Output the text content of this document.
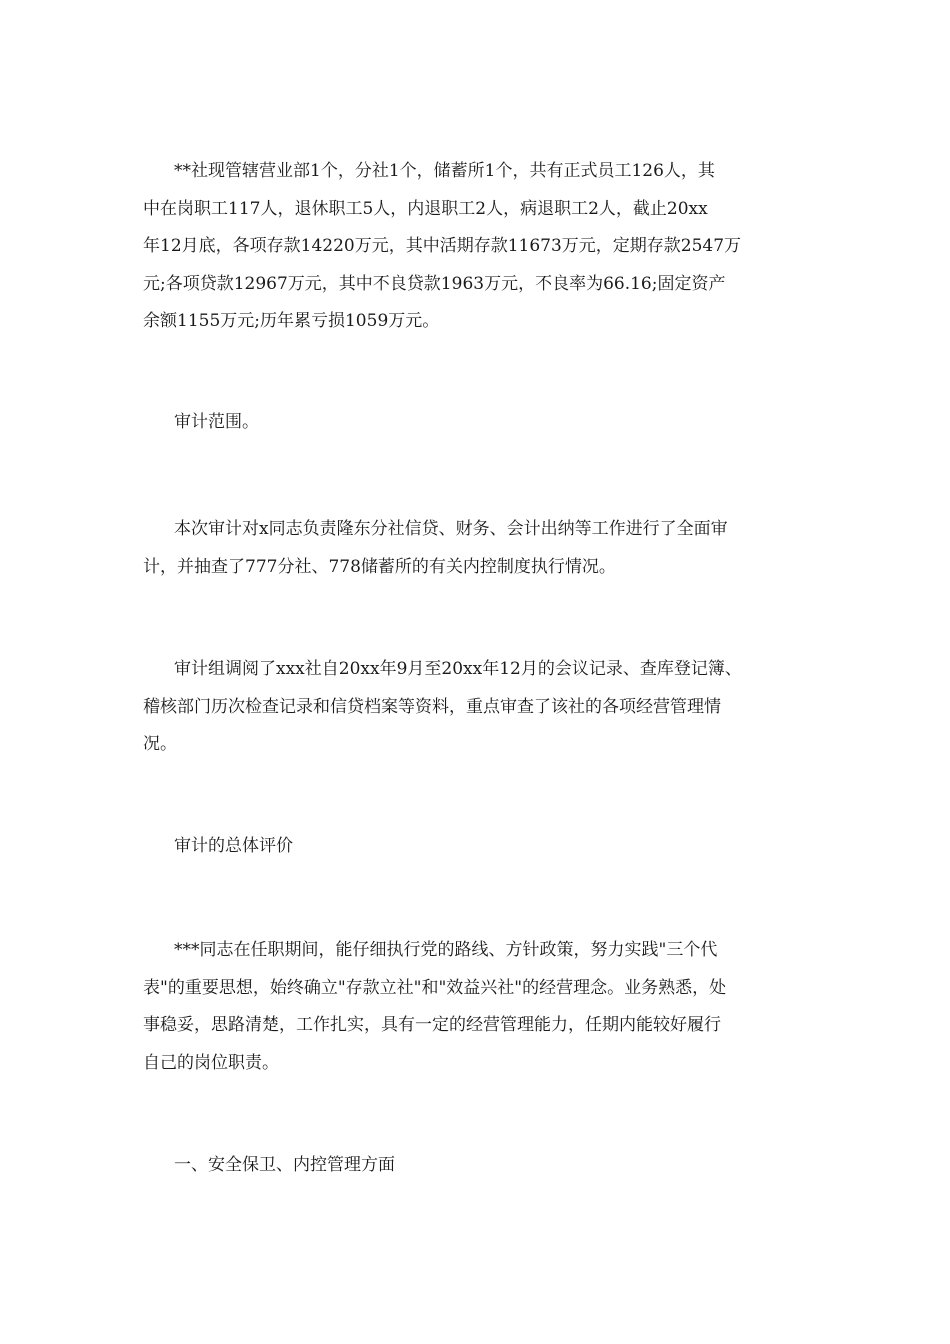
**社现管辖营业部1个，分社1个，储蓄所1个，共有正式员工126人，其
中在岗职工117人，退休职工5人，内退职工2人，病退职工2人，截止20xx
年12月底，各项存款14220万元，其中活期存款11673万元，定期存款2547万
元;各项贷款12967万元，其中不良贷款1963万元，不良率为66.16;固定资产
余额1155万元;历年累亏损1059万元。
审计范围。
本次审计对x同志负责隆东分社信贷、财务、会计出纳等工作进行了全面审
计，并抽查了777分社、778储蓄所的有关内控制度执行情况。
审计组调阅了xxx社自20xx年9月至20xx年12月的会议记录、查库登记簿、
稽核部门历次检查记录和信贷档案等资料，重点审查了该社的各项经营管理情
况。
审计的总体评价
***同志在任职期间，能仔细执行党的路线、方针政策，努力实践"三个代
表"的重要思想，始终确立"存款立社"和"效益兴社"的经营理念。业务熟悉，处
事稳妥，思路清楚，工作扎实，具有一定的经营管理能力，任期内能较好履行
自己的岗位职责。
一、安全保卫、内控管理方面
